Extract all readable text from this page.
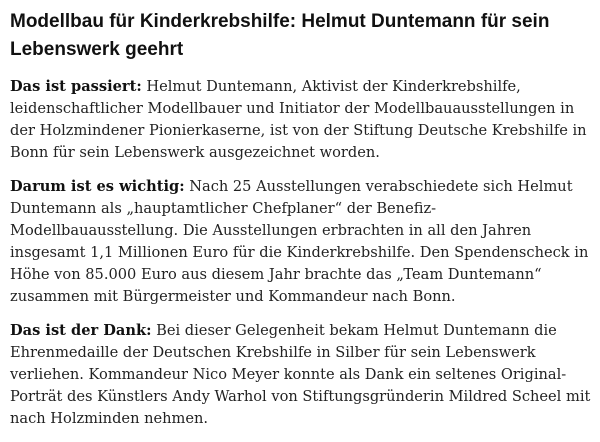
Modellbau für Kinderkrebshilfe: Helmut Duntemann für sein Lebenswerk geehrt

Das ist passiert: Helmut Duntemann, Aktivist der Kinderkrebshilfe, leidenschaftlicher Modellbauer und Initiator der Modellbauausstellungen in der Holzmindener Pionierkaserne, ist von der Stiftung Deutsche Krebshilfe in Bonn für sein Lebenswerk ausgezeichnet worden.

Darum ist es wichtig: Nach 25 Ausstellungen verabschiedete sich Helmut Duntemann als „hauptamtlicher Chefplaner“ der Benefiz-Modellbauausstellung. Die Ausstellungen erbrachten in all den Jahren insgesamt 1,1 Millionen Euro für die Kinderkrebshilfe. Den Spendenscheck in Höhe von 85.000 Euro aus diesem Jahr brachte das „Team Duntemann“ zusammen mit Bürgermeister und Kommandeur nach Bonn.

Das ist der Dank: Bei dieser Gelegenheit bekam Helmut Duntemann die Ehrenmedaille der Deutschen Krebshilfe in Silber für sein Lebenswerk verliehen. Kommandeur Nico Meyer konnte als Dank ein seltenes Original-Porträt des Künstlers Andy Warhol von Stiftungsgründerin Mildred Scheel mit nach Holzminden nehmen.
